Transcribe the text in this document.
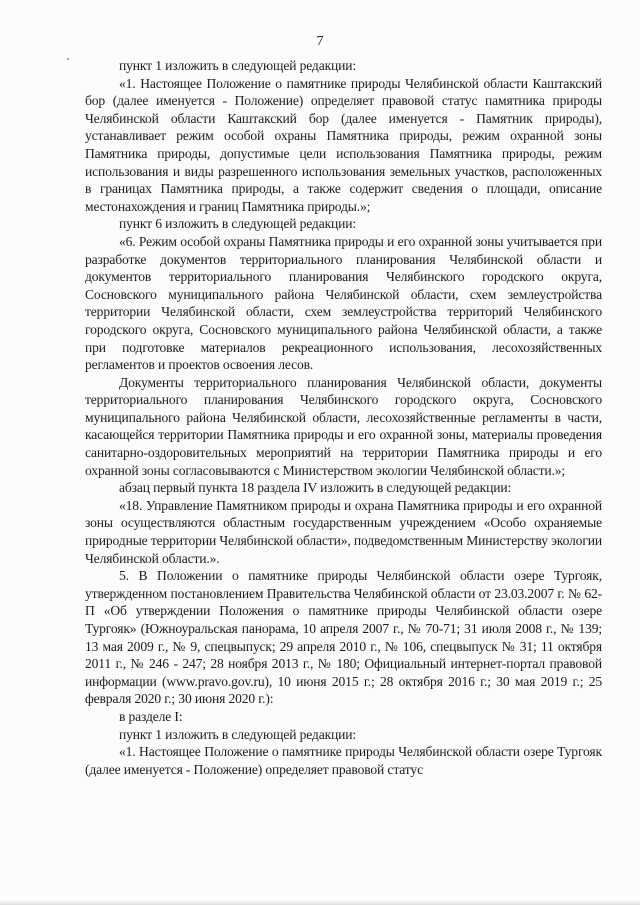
7

пункт 1 изложить в следующей редакции:

«1. Настоящее Положение о памятнике природы Челябинской области Каштакский бор (далее именуется - Положение) определяет правовой статус памятника природы Челябинской области Каштакский бор (далее именуется - Памятник природы), устанавливает режим особой охраны Памятника природы, режим охранной зоны Памятника природы, допустимые цели использования Памятника природы, режим использования и виды разрешенного использования земельных участков, расположенных в границах Памятника природы, а также содержит сведения о площади, описание местонахождения и границ Памятника природы.»;

пункт 6 изложить в следующей редакции:

«6. Режим особой охраны Памятника природы и его охранной зоны учитывается при разработке документов территориального планирования Челябинской области и документов территориального планирования Челябинского городского округа, Сосновского муниципального района Челябинской области, схем землеустройства территории Челябинской области, схем землеустройства территорий Челябинского городского округа, Сосновского муниципального района Челябинской области, а также при подготовке материалов рекреационного использования, лесохозяйственных регламентов и проектов освоения лесов.

Документы территориального планирования Челябинской области, документы территориального планирования Челябинского городского округа, Сосновского муниципального района Челябинской области, лесохозяйственные регламенты в части, касающейся территории Памятника природы и его охранной зоны, материалы проведения санитарно-оздоровительных мероприятий на территории Памятника природы и его охранной зоны согласовываются с Министерством экологии Челябинской области.»;

абзац первый пункта 18 раздела IV изложить в следующей редакции:

«18. Управление Памятником природы и охрана Памятника природы и его охранной зоны осуществляются областным государственным учреждением «Особо охраняемые природные территории Челябинской области», подведомственным Министерству экологии Челябинской области.».

5. В Положении о памятнике природы Челябинской области озере Тургояк, утвержденном постановлением Правительства Челябинской области от 23.03.2007 г. № 62-П «Об утверждении Положения о памятнике природы Челябинской области озере Тургояк» (Южноуральская панорама, 10 апреля 2007 г., № 70-71; 31 июля 2008 г., № 139; 13 мая 2009 г., № 9, спецвыпуск; 29 апреля 2010 г., № 106, спецвыпуск № 31; 11 октября 2011 г., № 246 - 247; 28 ноября 2013 г., № 180; Официальный интернет-портал правовой информации (www.pravo.gov.ru), 10 июня 2015 г.; 28 октября 2016 г.; 30 мая 2019 г.; 25 февраля 2020 г.; 30 июня 2020 г.):

в разделе I:

пункт 1 изложить в следующей редакции:

«1. Настоящее Положение о памятнике природы Челябинской области озере Тургояк (далее именуется - Положение) определяет правовой статус
